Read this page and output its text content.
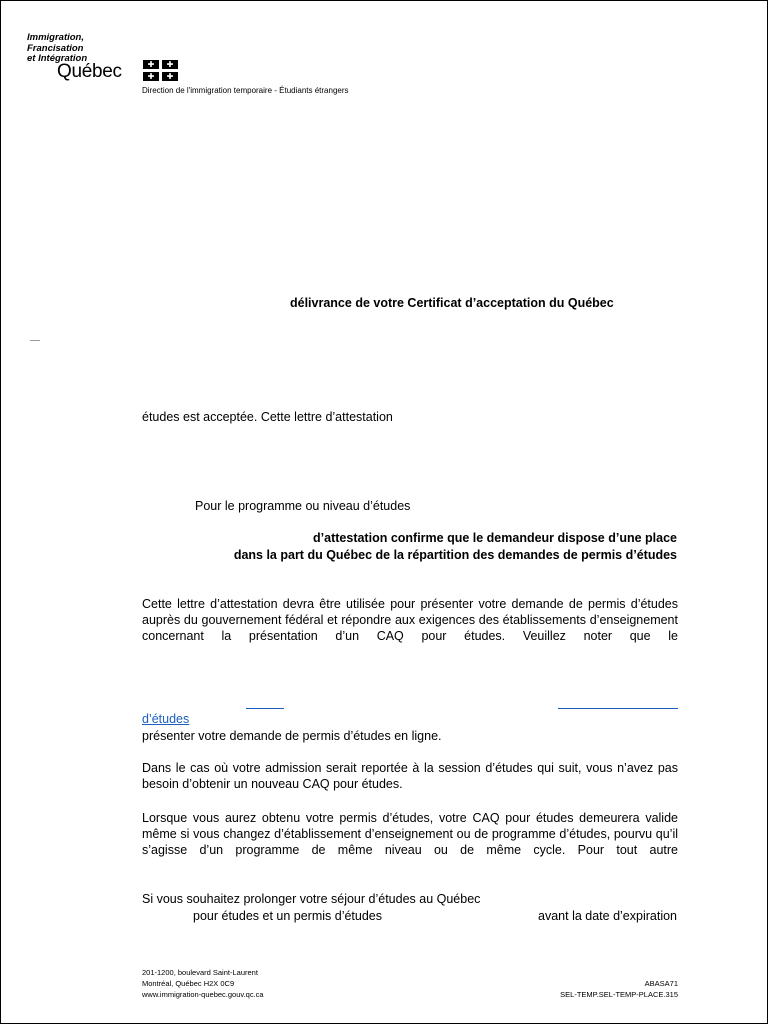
Immigration,
Francisation
et Intégration
Québec	✚	✚
✚	✚
Direction de l'immigration temporaire - Étudiants étrangers
délivrance de votre Certificat d’acceptation du Québec
études est acceptée. Cette lettre d’attestation
Pour le programme ou niveau d’études
d’attestation confirme que le demandeur dispose d’une place
dans la part du Québec de la répartition des demandes de permis d’études
Cette lettre d’attestation devra être utilisée pour présenter votre demande de permis d’études auprès du gouvernement fédéral et répondre aux exigences des établissements d’enseignement concernant la présentation d’un CAQ pour études. Veuillez noter que le
d’études
présenter votre demande de permis d’études en ligne.
Dans le cas où votre admission serait reportée à la session d’études qui suit, vous n’avez pas besoin d’obtenir un nouveau CAQ pour études.
Lorsque vous aurez obtenu votre permis d’études, votre CAQ pour études demeurera valide même si vous changez d’établissement d’enseignement ou de programme d’études, pourvu qu’il s’agisse d’un programme de même niveau ou de même cycle. Pour tout autre
Si vous souhaitez prolonger votre séjour d’études au Québec
pour études et un permis d’études	avant la date d’expiration
201-1200, boulevard Saint-Laurent
Montréal, Québec H2X 0C9
www.immigration-quebec.gouv.qc.ca
ABASA71
SEL-TEMP.SEL-TEMP-PLACE.315
